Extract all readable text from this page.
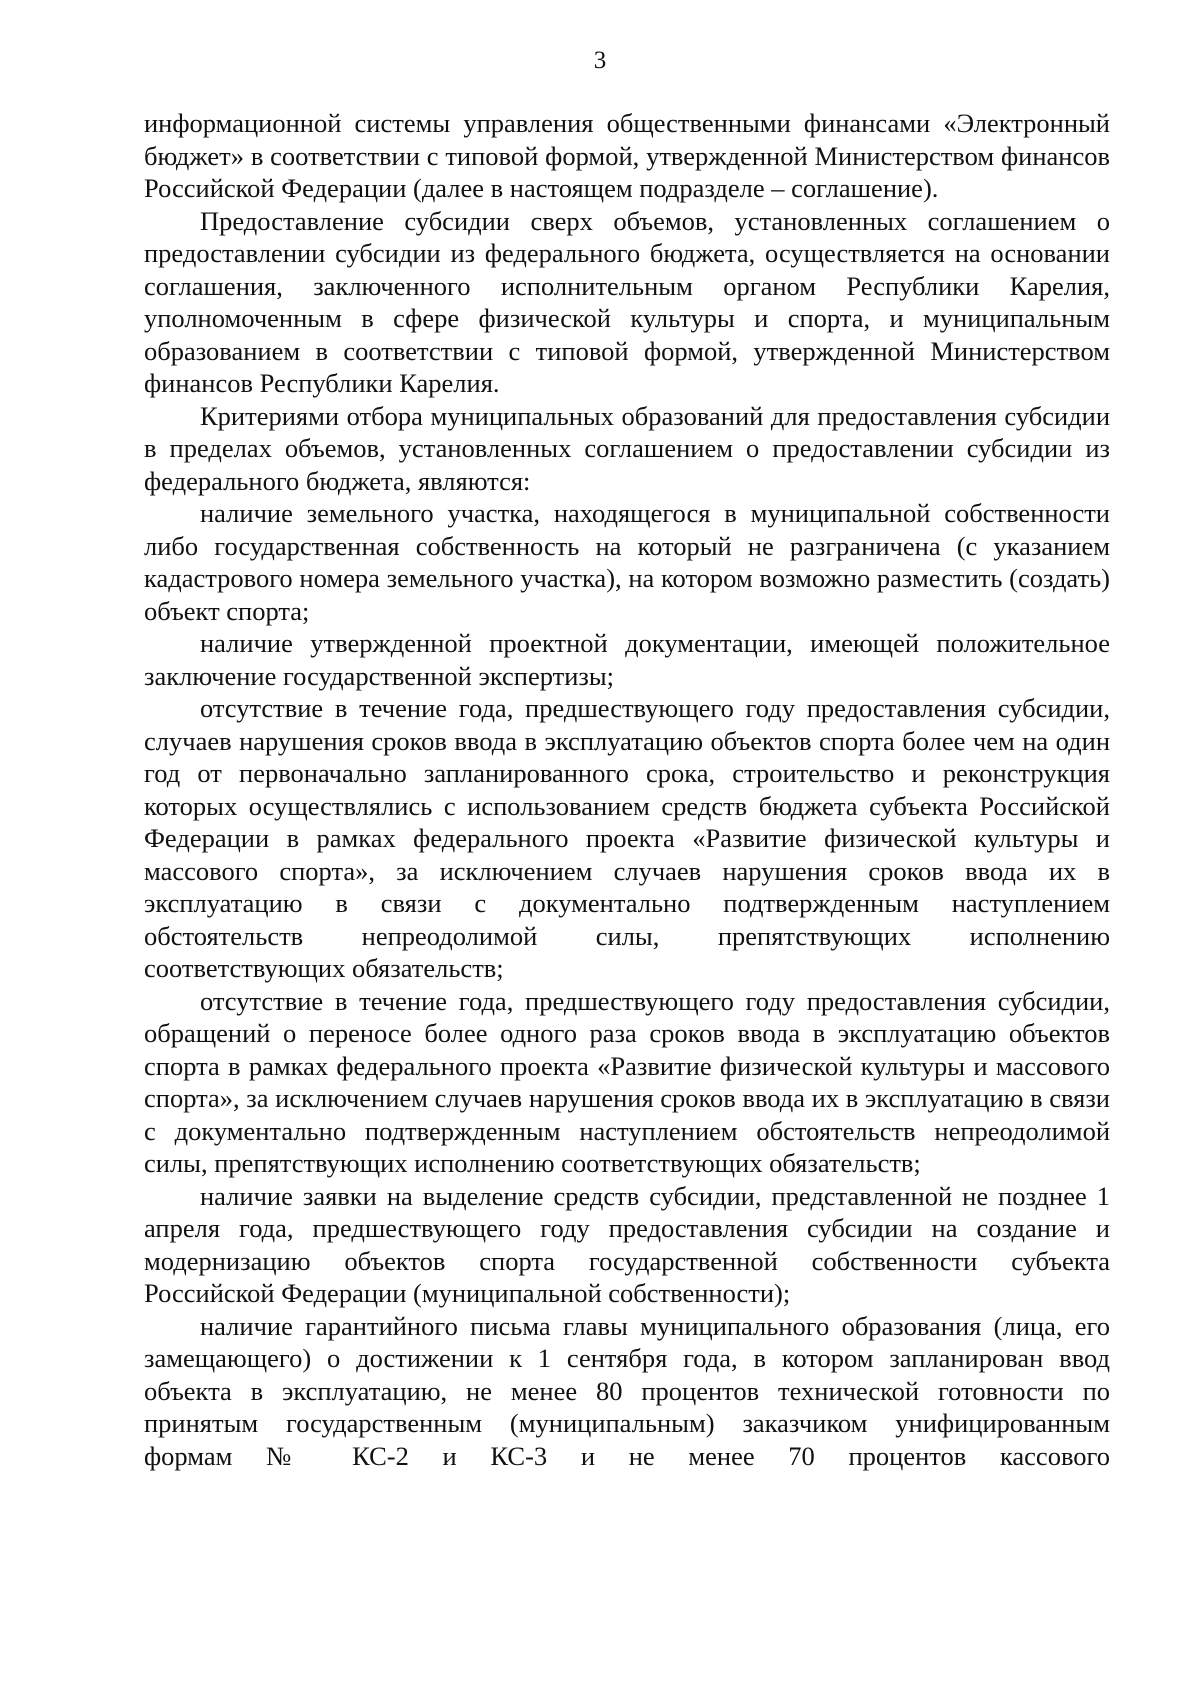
3

информационной системы управления общественными финансами «Электронный бюджет» в соответствии с типовой формой, утвержденной Министерством финансов Российской Федерации (далее в настоящем подразделе – соглашение).

Предоставление субсидии сверх объемов, установленных соглашением о предоставлении субсидии из федерального бюджета, осуществляется на основании соглашения, заключенного исполнительным органом Республики Карелия, уполномоченным в сфере физической культуры и спорта, и муниципальным образованием в соответствии с типовой формой, утвержденной Министерством финансов Республики Карелия.

Критериями отбора муниципальных образований для предоставления субсидии в пределах объемов, установленных соглашением о предоставлении субсидии из федерального бюджета, являются:

наличие земельного участка, находящегося в муниципальной собственности либо государственная собственность на который не разграничена (с указанием кадастрового номера земельного участка), на котором возможно разместить (создать) объект спорта;

наличие утвержденной проектной документации, имеющей положительное заключение государственной экспертизы;

отсутствие в течение года, предшествующего году предоставления субсидии, случаев нарушения сроков ввода в эксплуатацию объектов спорта более чем на один год от первоначально запланированного срока, строительство и реконструкция которых осуществлялись с использованием средств бюджета субъекта Российской Федерации в рамках федерального проекта «Развитие физической культуры и массового спорта», за исключением случаев нарушения сроков ввода их в эксплуатацию в связи с документально подтвержденным наступлением обстоятельств непреодолимой силы, препятствующих исполнению соответствующих обязательств;

отсутствие в течение года, предшествующего году предоставления субсидии, обращений о переносе более одного раза сроков ввода в эксплуатацию объектов спорта в рамках федерального проекта «Развитие физической культуры и массового спорта», за исключением случаев нарушения сроков ввода их в эксплуатацию в связи с документально подтвержденным наступлением обстоятельств непреодолимой силы, препятствующих исполнению соответствующих обязательств;

наличие заявки на выделение средств субсидии, представленной не позднее 1 апреля года, предшествующего году предоставления субсидии на создание и модернизацию объектов спорта государственной собственности субъекта Российской Федерации (муниципальной собственности);

наличие гарантийного письма главы муниципального образования (лица, его замещающего) о достижении к 1 сентября года, в котором запланирован ввод объекта в эксплуатацию, не менее 80 процентов технической готовности по принятым государственным (муниципальным) заказчиком унифицированным формам № КС-2 и КС-3 и не менее 70 процентов кассового
